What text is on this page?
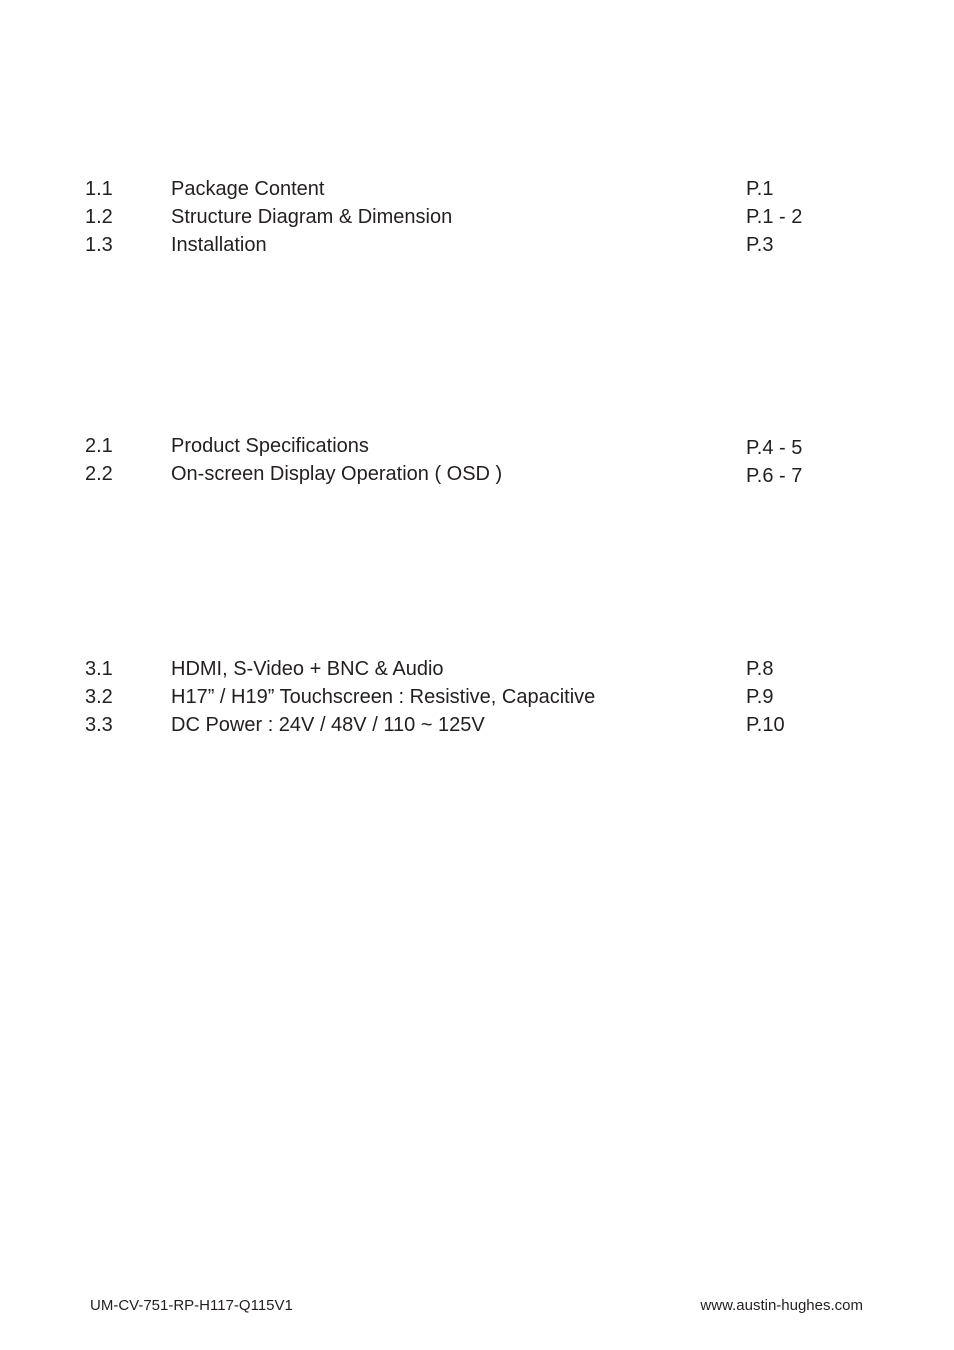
1.1	Package Content	P.1
1.2	Structure Diagram & Dimension	P.1 - 2
1.3	Installation	P.3
2.1	Product Specifications	P.4 - 5
2.2	On-screen Display Operation ( OSD )	P.6 - 7
3.1	HDMI, S-Video + BNC & Audio	P.8
3.2	H17” / H19” Touchscreen : Resistive, Capacitive	P.9
3.3	DC Power : 24V / 48V / 110 ~ 125V	P.10
UM-CV-751-RP-H117-Q115V1	www.austin-hughes.com
